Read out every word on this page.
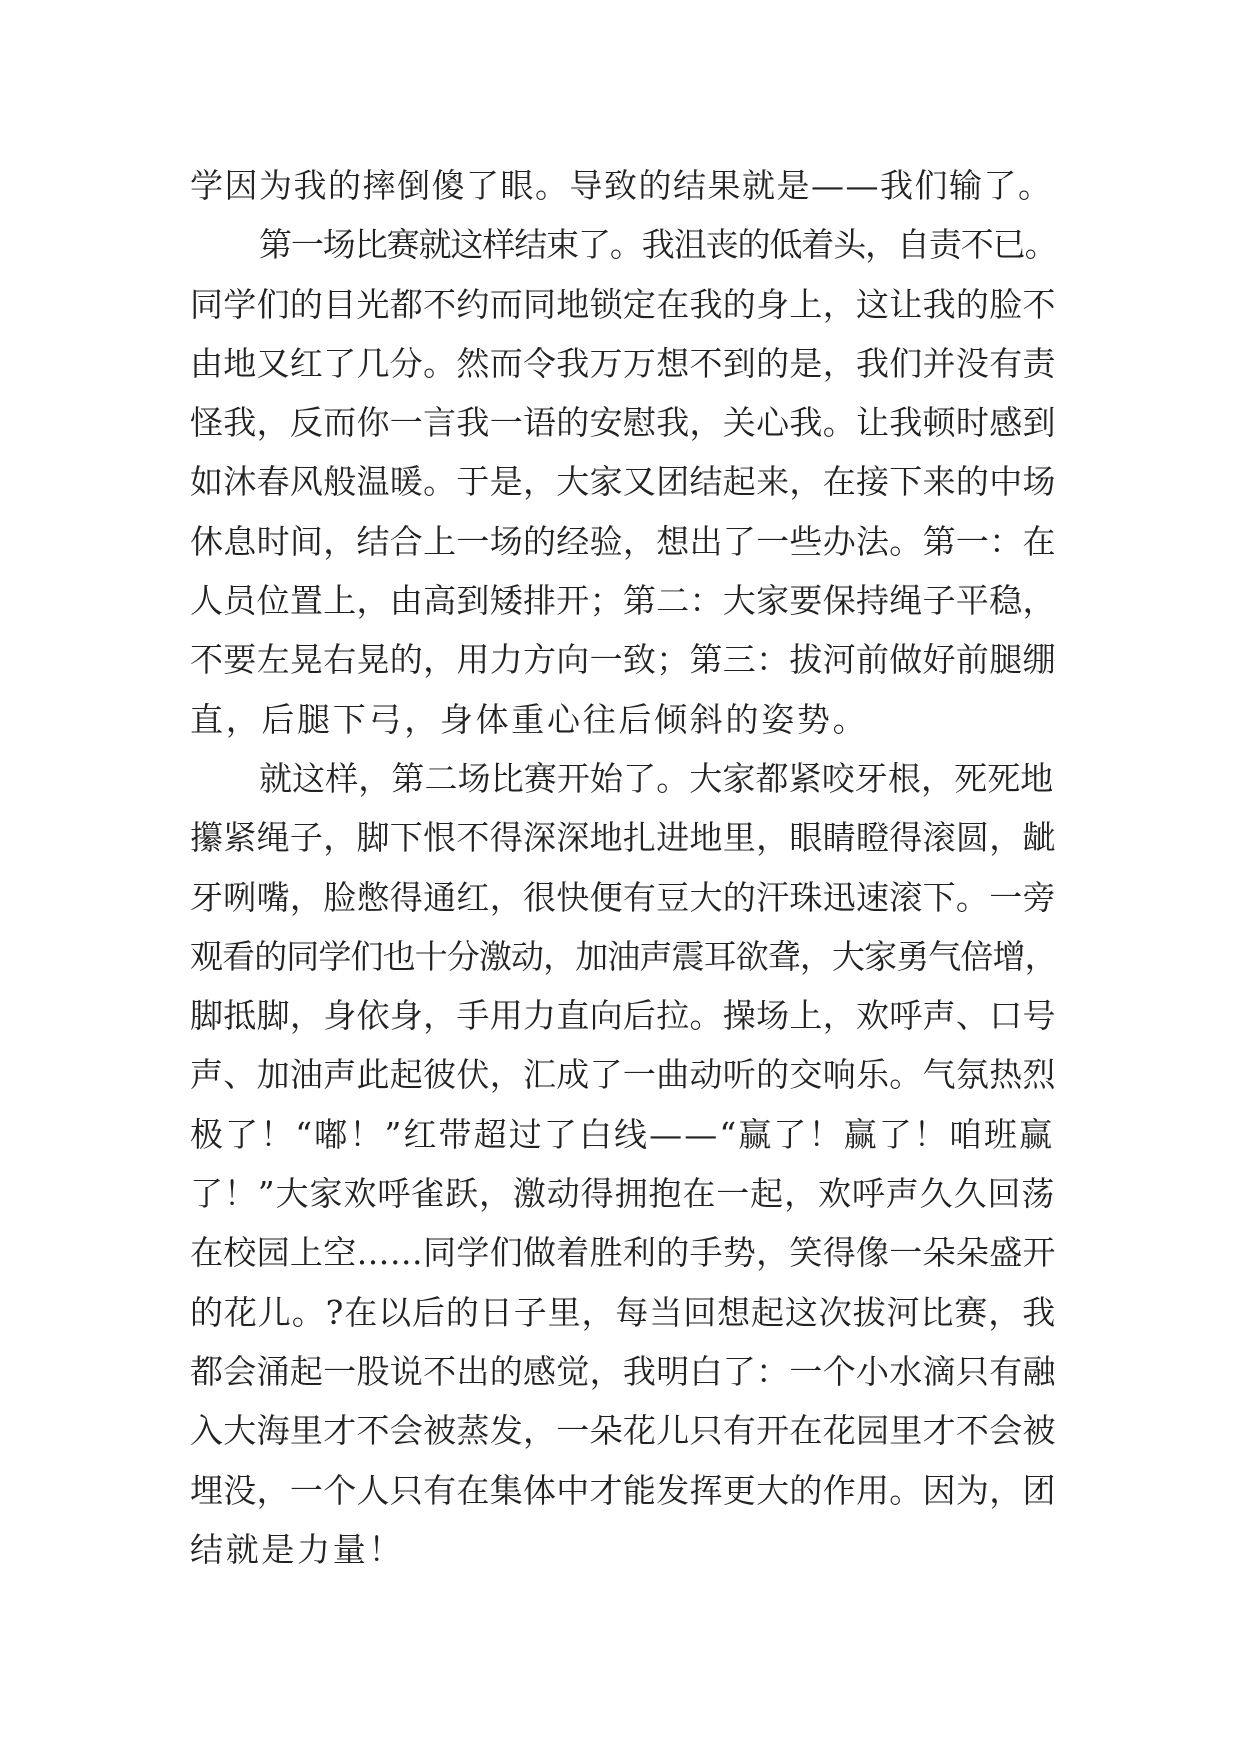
学因为我的摔倒傻了眼。导致的结果就是——我们输了。
第一场比赛就这样结束了。我沮丧的低着头，自责不已。
同学们的目光都不约而同地锁定在我的身上，这让我的脸不
由地又红了几分。然而令我万万想不到的是，我们并没有责
怪我，反而你一言我一语的安慰我，关心我。让我顿时感到
如沐春风般温暖。于是，大家又团结起来，在接下来的中场
休息时间，结合上一场的经验，想出了一些办法。第一：在
人员位置上，由高到矮排开；第二：大家要保持绳子平稳，
不要左晃右晃的，用力方向一致；第三：拔河前做好前腿绷
直，后腿下弓，身体重心往后倾斜的姿势。
就这样，第二场比赛开始了。大家都紧咬牙根，死死地
攥紧绳子，脚下恨不得深深地扎进地里，眼睛瞪得滚圆，龇
牙咧嘴，脸憋得通红，很快便有豆大的汗珠迅速滚下。一旁
观看的同学们也十分激动，加油声震耳欲聋，大家勇气倍增，
脚抵脚，身依身，手用力直向后拉。操场上，欢呼声、口号
声、加油声此起彼伏，汇成了一曲动听的交响乐。气氛热烈
极了！“嘟！”红带超过了白线——“赢了！赢了！咱班赢
了！”大家欢呼雀跃，激动得拥抱在一起，欢呼声久久回荡
在校园上空……同学们做着胜利的手势，笑得像一朵朵盛开
的花儿。?在以后的日子里，每当回想起这次拔河比赛，我
都会涌起一股说不出的感觉，我明白了：一个小水滴只有融
入大海里才不会被蒸发，一朵花儿只有开在花园里才不会被
埋没，一个人只有在集体中才能发挥更大的作用。因为，团
结就是力量！
